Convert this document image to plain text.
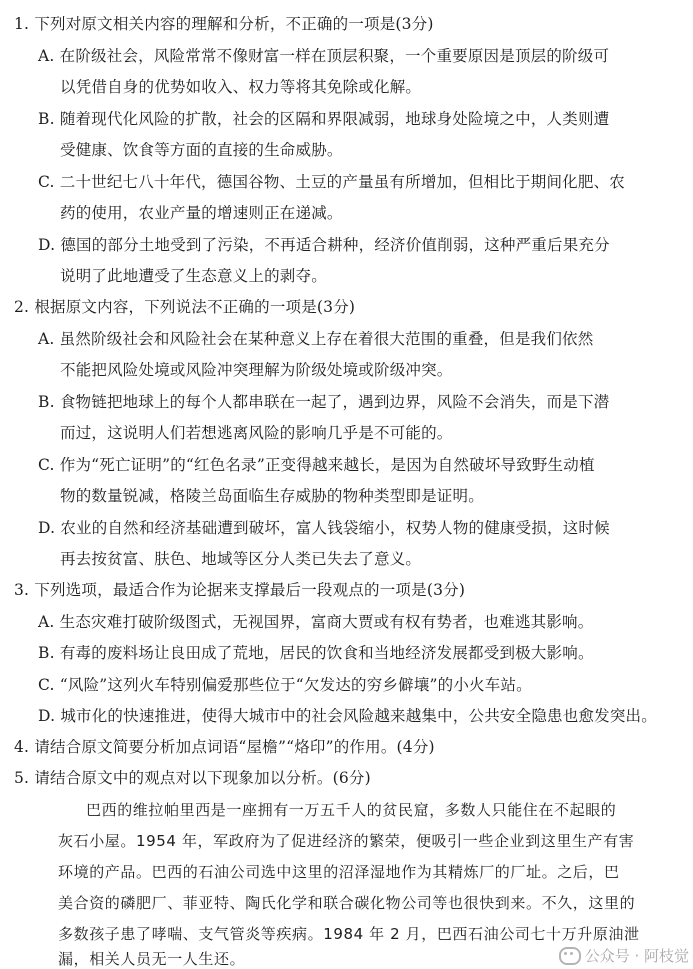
1. 下列对原文相关内容的理解和分析，不正确的一项是(3分)
A. 在阶级社会，风险常常不像财富一样在顶层积聚，一个重要原因是顶层的阶级可
以凭借自身的优势如收入、权力等将其免除或化解。
B. 随着现代化风险的扩散，社会的区隔和界限减弱，地球身处险境之中，人类则遭
受健康、饮食等方面的直接的生命威胁。
C. 二十世纪七八十年代，德国谷物、土豆的产量虽有所增加，但相比于期间化肥、农
药的使用，农业产量的增速则正在递减。
D. 德国的部分土地受到了污染，不再适合耕种，经济价值削弱，这种严重后果充分
说明了此地遭受了生态意义上的剥夺。
2. 根据原文内容，下列说法不正确的一项是(3分)
A. 虽然阶级社会和风险社会在某种意义上存在着很大范围的重叠，但是我们依然
不能把风险处境或风险冲突理解为阶级处境或阶级冲突。
B. 食物链把地球上的每个人都串联在一起了，遇到边界，风险不会消失，而是下潜
而过，这说明人们若想逃离风险的影响几乎是不可能的。
C. 作为“死亡证明”的“红色名录”正变得越来越长，是因为自然破坏导致野生动植
物的数量锐减，格陵兰岛面临生存威胁的物种类型即是证明。
D. 农业的自然和经济基础遭到破坏，富人钱袋缩小，权势人物的健康受损，这时候
再去按贫富、肤色、地域等区分人类已失去了意义。
3. 下列选项，最适合作为论据来支撑最后一段观点的一项是(3分)
A. 生态灾难打破阶级图式，无视国界，富商大贾或有权有势者，也难逃其影响。
B. 有毒的废料场让良田成了荒地，居民的饮食和当地经济发展都受到极大影响。
C. “风险”这列火车特别偏爱那些位于“欠发达的穷乡僻壤”的小火车站。
D. 城市化的快速推进，使得大城市中的社会风险越来越集中，公共安全隐患也愈发突出。
4. 请结合原文简要分析加点词语“屋檐”“烙印”的作用。(4分)
5. 请结合原文中的观点对以下现象加以分析。(6分)
巴西的维拉帕里西是一座拥有一万五千人的贫民窟，多数人只能住在不起眼的
灰石小屋。1954 年，军政府为了促进经济的繁荣，便吸引一些企业到这里生产有害
环境的产品。巴西的石油公司选中这里的沼泽湿地作为其精炼厂的厂址。之后，巴
美合资的磷肥厂、菲亚特、陶氏化学和联合碳化物公司等也很快到来。不久，这里的
多数孩子患了哮喘、支气管炎等疾病。1984 年 2 月，巴西石油公司七十万升原油泄
漏，相关人员无一人生还。	公众号 · 阿枝觉
